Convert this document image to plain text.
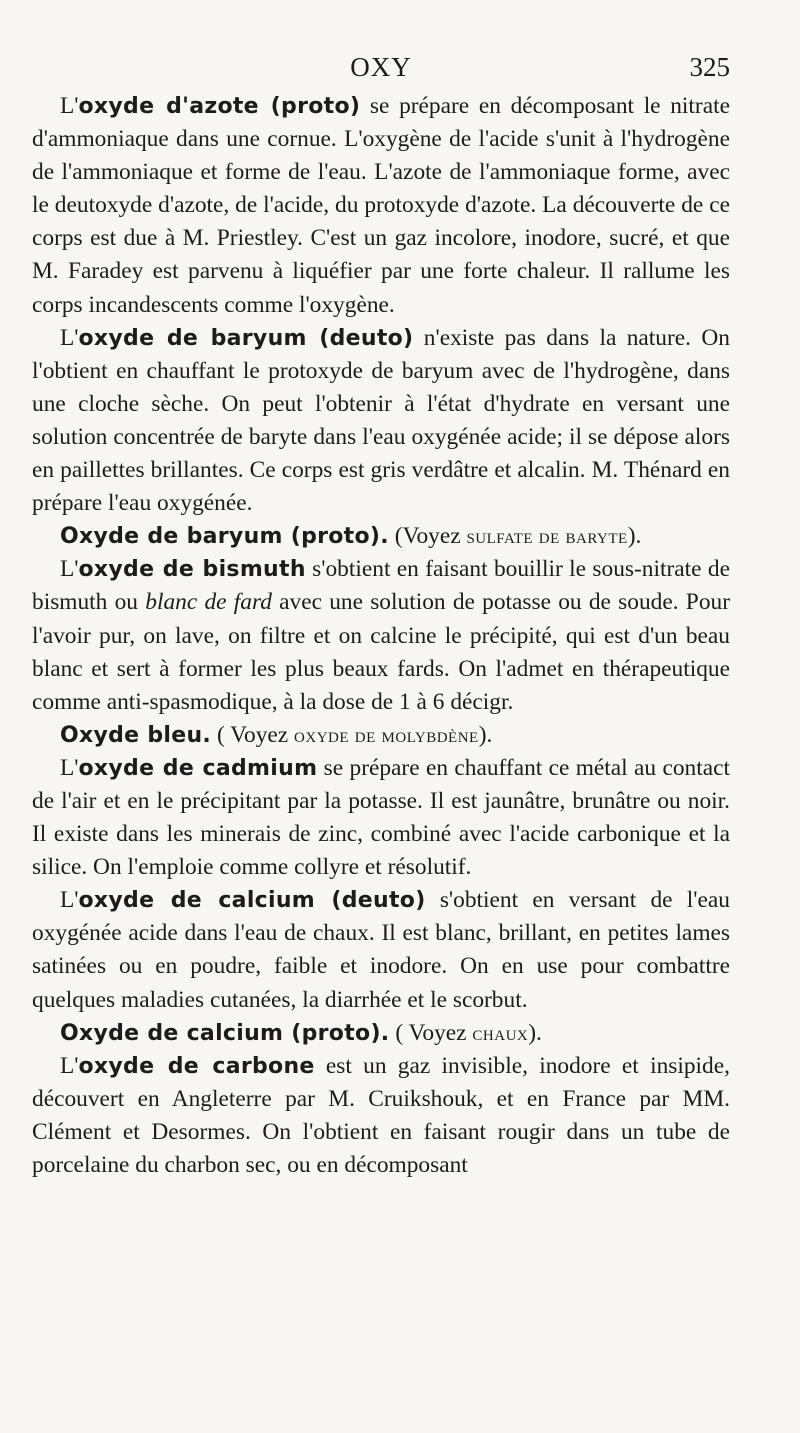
OXY	325

L'oxyde d'azote (proto) se prépare en décomposant le nitrate d'ammoniaque dans une cornue. L'oxygène de l'acide s'unit à l'hydrogène de l'ammoniaque et forme de l'eau. L'azote de l'ammoniaque forme, avec le deutoxyde d'azote, de l'acide, du protoxyde d'azote. La découverte de ce corps est due à M. Priestley. C'est un gaz incolore, inodore, sucré, et que M. Faradey est parvenu à liquéfier par une forte chaleur. Il rallume les corps incandescents comme l'oxygène.

L'oxyde de baryum (deuto) n'existe pas dans la nature. On l'obtient en chauffant le protoxyde de baryum avec de l'hydrogène, dans une cloche sèche. On peut l'obtenir à l'état d'hydrate en versant une solution concentrée de baryte dans l'eau oxygénée acide; il se dépose alors en paillettes brillantes. Ce corps est gris verdâtre et alcalin. M. Thénard en prépare l'eau oxygénée.

Oxyde de baryum (proto). (Voyez sulfate de baryte).

L'oxyde de bismuth s'obtient en faisant bouillir le sous-nitrate de bismuth ou blanc de fard avec une solution de potasse ou de soude. Pour l'avoir pur, on lave, on filtre et on calcine le précipité, qui est d'un beau blanc et sert à former les plus beaux fards. On l'admet en thérapeutique comme anti-spasmodique, à la dose de 1 à 6 décigr.

Oxyde bleu. ( Voyez oxyde de molybdène).

L'oxyde de cadmium se prépare en chauffant ce métal au contact de l'air et en le précipitant par la potasse. Il est jaunâtre, brunâtre ou noir. Il existe dans les minerais de zinc, combiné avec l'acide carbonique et la silice. On l'emploie comme collyre et résolutif.

L'oxyde de calcium (deuto) s'obtient en versant de l'eau oxygénée acide dans l'eau de chaux. Il est blanc, brillant, en petites lames satinées ou en poudre, faible et inodore. On en use pour combattre quelques maladies cutanées, la diarrhée et le scorbut.

Oxyde de calcium (proto). ( Voyez chaux).

L'oxyde de carbone est un gaz invisible, inodore et insipide, découvert en Angleterre par M. Cruikshouk, et en France par MM. Clément et Desormes. On l'obtient en faisant rougir dans un tube de porcelaine du charbon sec, ou en décomposant
